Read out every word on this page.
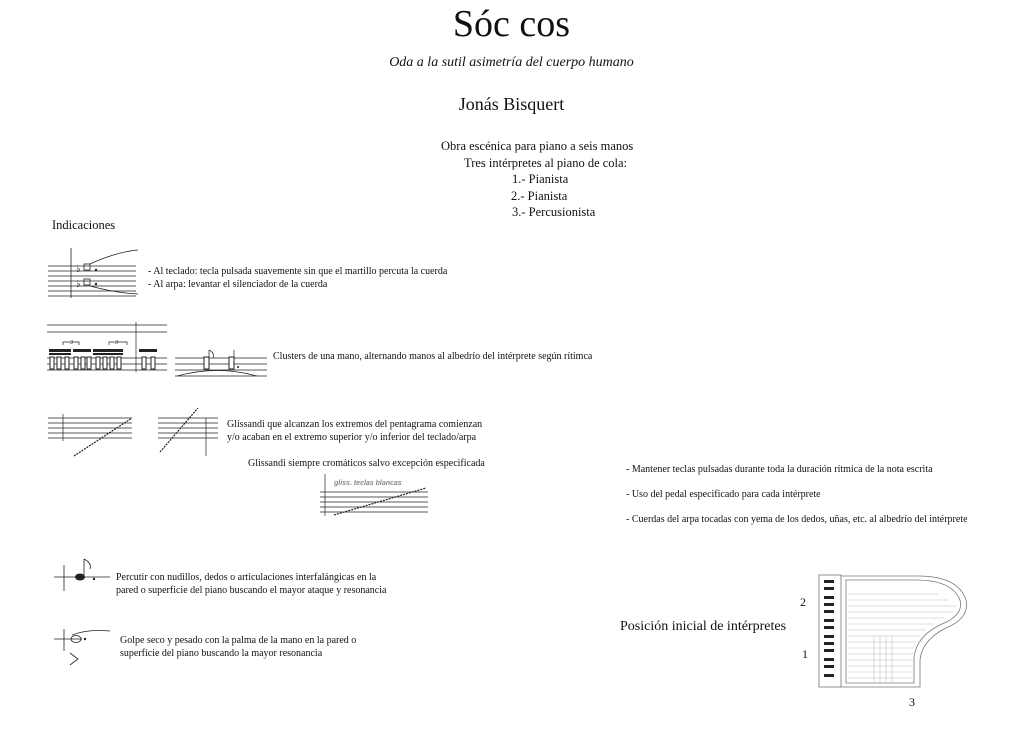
Sóc cos
Oda a la sutil asimetría del cuerpo humano
Jonás Bisquert
Obra escénica para piano a seis manos
Tres intérpretes al piano de cola:
1.- Pianista
2.- Pianista
3.- Percusionista
Indicaciones
♭
♭
- Al teclado: tecla pulsada suavemente sin que el martillo percuta la cuerda
- Al arpa: levantar el silenciador de la cuerda
3	3
Clusters de una mano, alternando manos al albedrío del intérprete según rítimca
Glissandi que alcanzan los extremos del pentagrama comienzan
y/o acaban en el extremo superior y/o inferior del teclado/arpa
Glissandi siempre cromáticos salvo excepción especificada
gliss. teclas blancas
Percutir con nudillos, dedos o articulaciones interfalángicas en la
pared o superficie del piano buscando el mayor ataque y resonancia
Golpe seco y pesado con la palma de la mano en la pared o
superficie del piano buscando la mayor resonancia
- Mantener teclas pulsadas durante toda la duración rítmica de la nota escrita
- Uso del pedal especificado para cada intérprete
- Cuerdas del arpa tocadas con yema de los dedos, uñas, etc. al albedrío del intérprete
Posición inicial de intérpretes
2
1
3
